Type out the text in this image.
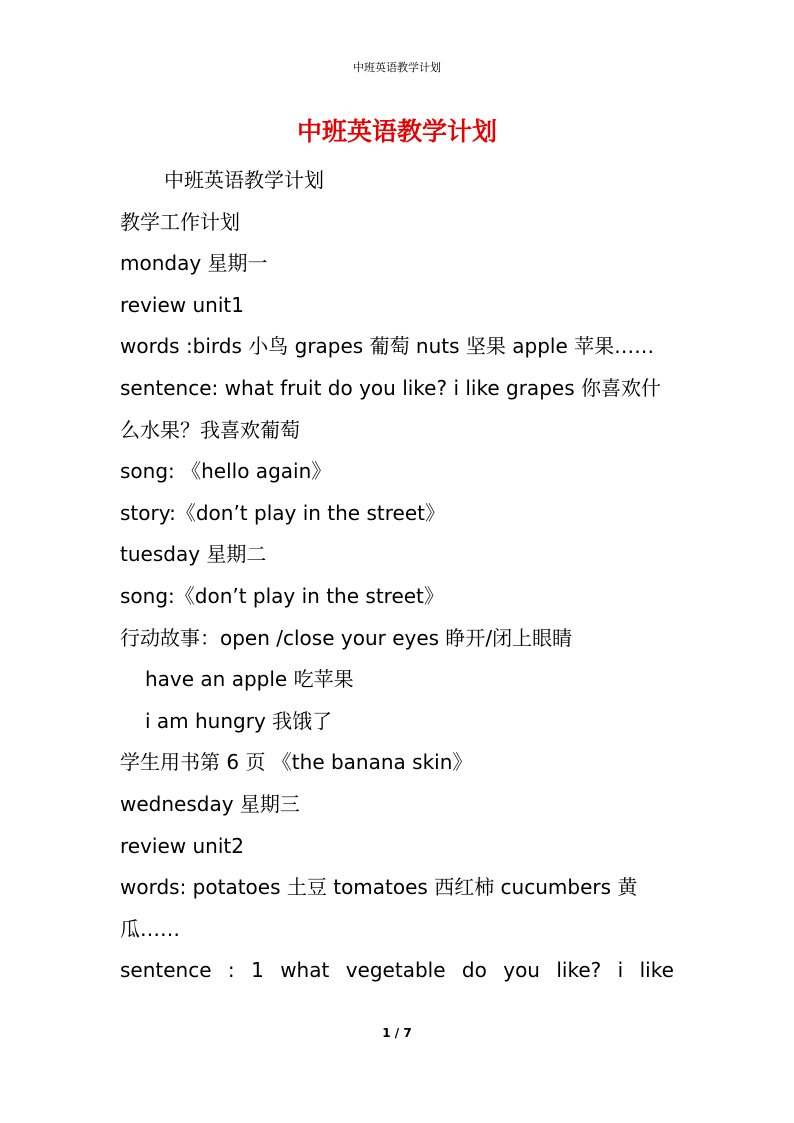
中班英语教学计划
中班英语教学计划
中班英语教学计划
教学工作计划
monday 星期一
review unit1
words :birds 小鸟 grapes 葡萄 nuts 坚果 apple 苹果……
sentence: what fruit do you like? i like grapes 你喜欢什
么水果？我喜欢葡萄
song: 《hello again》
story:《don’t play in the street》
tuesday 星期二
song:《don’t play in the street》
行动故事：open /close your eyes 睁开/闭上眼睛
have an apple 吃苹果
i am hungry 我饿了
学生用书第 6 页 《the banana skin》
wednesday 星期三
review unit2
words: potatoes 土豆 tomatoes 西红柿 cucumbers 黄
瓜……
sentence : 1 what vegetable do you like? i like
1 / 7
